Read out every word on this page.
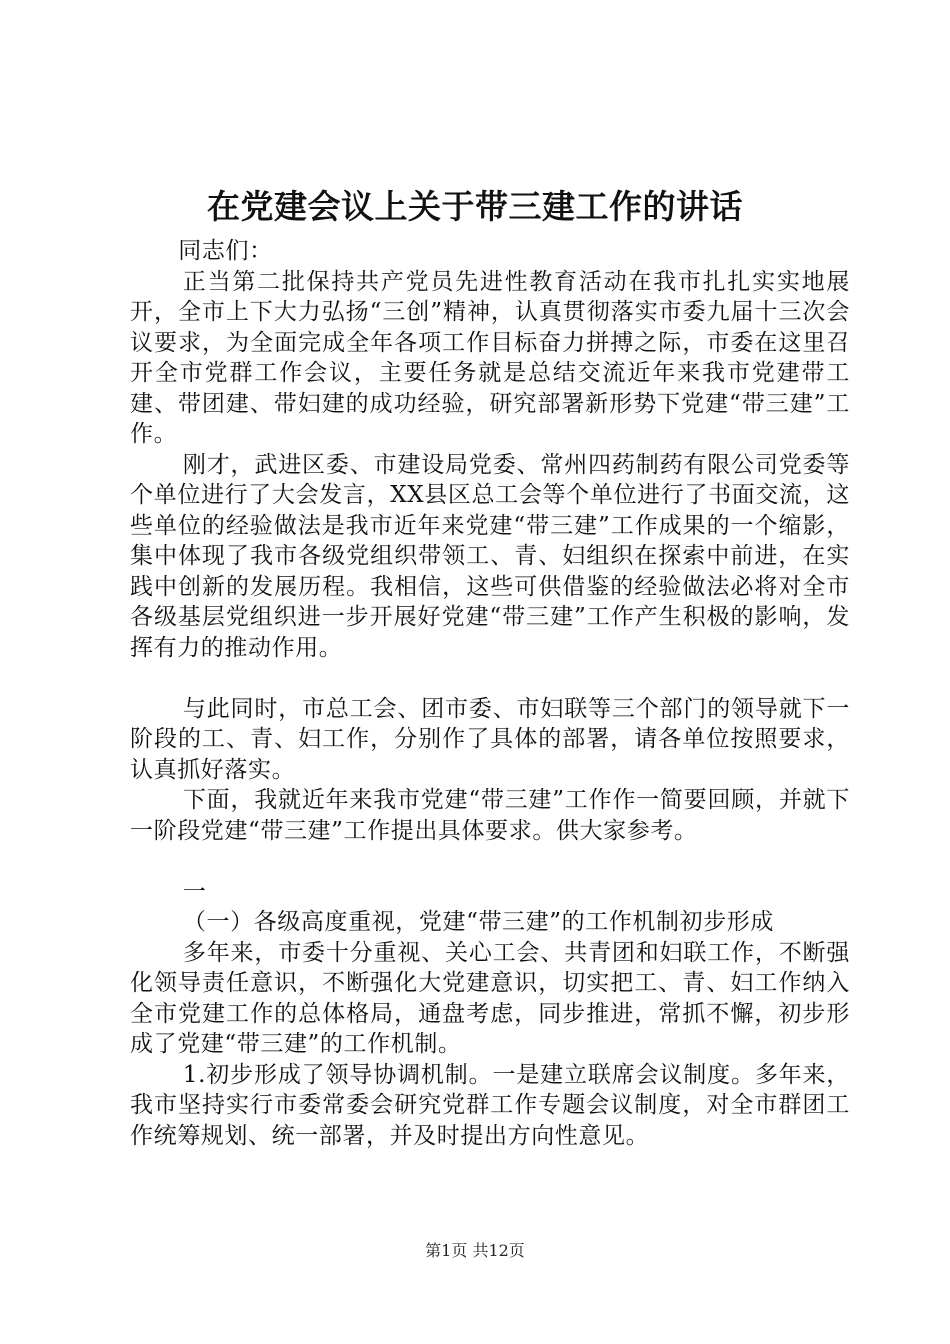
在党建会议上关于带三建工作的讲话

同志们：

正当第二批保持共产党员先进性教育活动在我市扎扎实实地展开，全市上下大力弘扬“三创”精神，认真贯彻落实市委九届十三次会议要求，为全面完成全年各项工作目标奋力拼搏之际，市委在这里召开全市党群工作会议，主要任务就是总结交流近年来我市党建带工建、带团建、带妇建的成功经验，研究部署新形势下党建“带三建”工作。

刚才，武进区委、市建设局党委、常州四药制药有限公司党委等个单位进行了大会发言，XX县区总工会等个单位进行了书面交流，这些单位的经验做法是我市近年来党建“带三建”工作成果的一个缩影，集中体现了我市各级党组织带领工、青、妇组织在探索中前进，在实践中创新的发展历程。我相信，这些可供借鉴的经验做法必将对全市各级基层党组织进一步开展好党建“带三建”工作产生积极的影响，发挥有力的推动作用。

与此同时，市总工会、团市委、市妇联等三个部门的领导就下一阶段的工、青、妇工作，分别作了具体的部署，请各单位按照要求，认真抓好落实。

下面，我就近年来我市党建“带三建”工作作一简要回顾，并就下一阶段党建“带三建”工作提出具体要求。供大家参考。

一

（一）各级高度重视，党建“带三建”的工作机制初步形成

多年来，市委十分重视、关心工会、共青团和妇联工作，不断强化领导责任意识，不断强化大党建意识，切实把工、青、妇工作纳入全市党建工作的总体格局，通盘考虑，同步推进，常抓不懈，初步形成了党建“带三建”的工作机制。

1.初步形成了领导协调机制。一是建立联席会议制度。多年来，我市坚持实行市委常委会研究党群工作专题会议制度，对全市群团工作统筹规划、统一部署，并及时提出方向性意见。

第1页 共12页
